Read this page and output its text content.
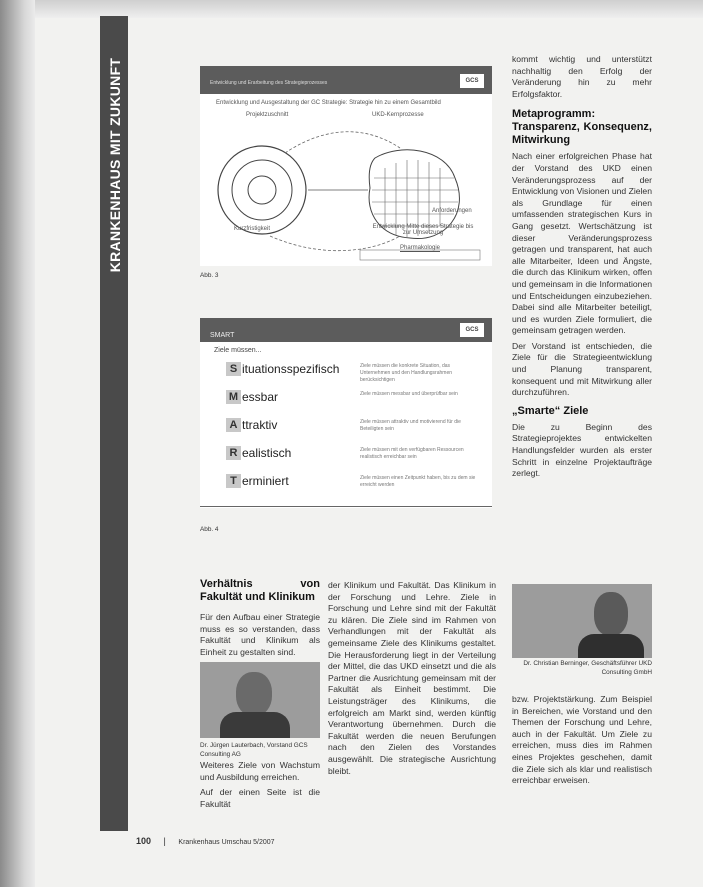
KRANKENHAUS MIT ZUKUNFT	Entwicklung und Erarbeitung des Strategieprozesses	GCS
Entwicklung und Ausgestaltung der GC Strategie: Strategie hin zu einem Gesamtbild
Projektzuschnitt	UKD-Kernprozesse
Anforderungen
Kurzfristigkeit	Entwicklung Mitte dieses Strategie bis zur Umsetzung
Pharmakologie
Abb. 3
SMART
GCS
Ziele müssen...
S ituationsspezifisch	Ziele müssen die konkrete Situation, das Unternehmen und den Handlungsrahmen berücksichtigen
M essbar	Ziele müssen messbar und überprüfbar sein
A ttraktiv	Ziele müssen attraktiv und motivierend für die Beteiligten sein
R ealistisch	Ziele müssen mit den verfügbaren Ressourcen realistisch erreichbar sein
T erminiert	Ziele müssen einen Zeitpunkt haben, bis zu dem sie erreicht werden
Abb. 4

kommt wichtig und unterstützt nachhaltig den Erfolg der Veränderung hin zu mehr Erfolgsfaktor.

Metaprogramm: Transparenz, Konsequenz, Mitwirkung

Nach einer erfolgreichen Phase hat der Vorstand des UKD einen Veränderungsprozess auf der Entwicklung von Visionen und Zielen als Grundlage für einen umfassenden strategischen Kurs in Gang gesetzt. Wertschätzung ist dieser Veränderungsprozess getragen und transparent, hat auch alle Mitarbeiter, Ideen und Ängste, die durch das Klinikum wirken, offen und gemeinsam in die Informationen und Entscheidungen einzubeziehen. Dabei sind alle Mitarbeiter beteiligt, und es wurden Ziele formuliert, die gemeinsam getragen werden.

Der Vorstand ist entschieden, die Ziele für die Strategieentwicklung und Planung transparent, konsequent und mit Mitwirkung aller durchzuführen.

„Smarte“ Ziele

Die zu Beginn des Strategieprojektes entwickelten Handlungsfelder wurden als erster Schritt in einzelne Projektaufträge zerlegt.

Dr. Christian Berninger, Geschäftsführer UKD Consulting GmbH

bzw. Projektstärkung. Zum Beispiel in Bereichen, wie Vorstand und den Themen der Forschung und Lehre, auch in der Fakultät. Um Ziele zu erreichen, muss dies im Rahmen eines Projektes geschehen, damit die Ziele sich als klar und realistisch erreichbar erweisen.

Verhältnis von Fakultät und Klinikum

Für den Aufbau einer Strategie muss es so verstanden, dass Fakultät und Klinikum als Einheit zu gestalten sind.

Dr. Jürgen Lauterbach, Vorstand GCS Consulting AG

Weiteres Ziele von Wachstum und Ausbildung erreichen.

Auf der einen Seite ist die Fakultät

der Klinikum und Fakultät. Das Klinikum in der Forschung und Lehre. Ziele in Forschung und Lehre sind mit der Fakultät zu klären. Die Ziele sind im Rahmen von Verhandlungen mit der Fakultät als gemeinsame Ziele des Klinikums gestaltet. Die Herausforderung liegt in der Verteilung der Mittel, die das UKD einsetzt und die als Partner die Ausrichtung gemeinsam mit der Fakultät als Einheit bestimmt. Die Leistungsträger des Klinikums, die erfolgreich am Markt sind, werden künftig Verantwortung übernehmen. Durch die Fakultät werden die neuen Berufungen nach den Zielen des Vorstandes ausgewählt. Die strategische Ausrichtung bleibt.

100 | Krankenhaus Umschau 5/2007
